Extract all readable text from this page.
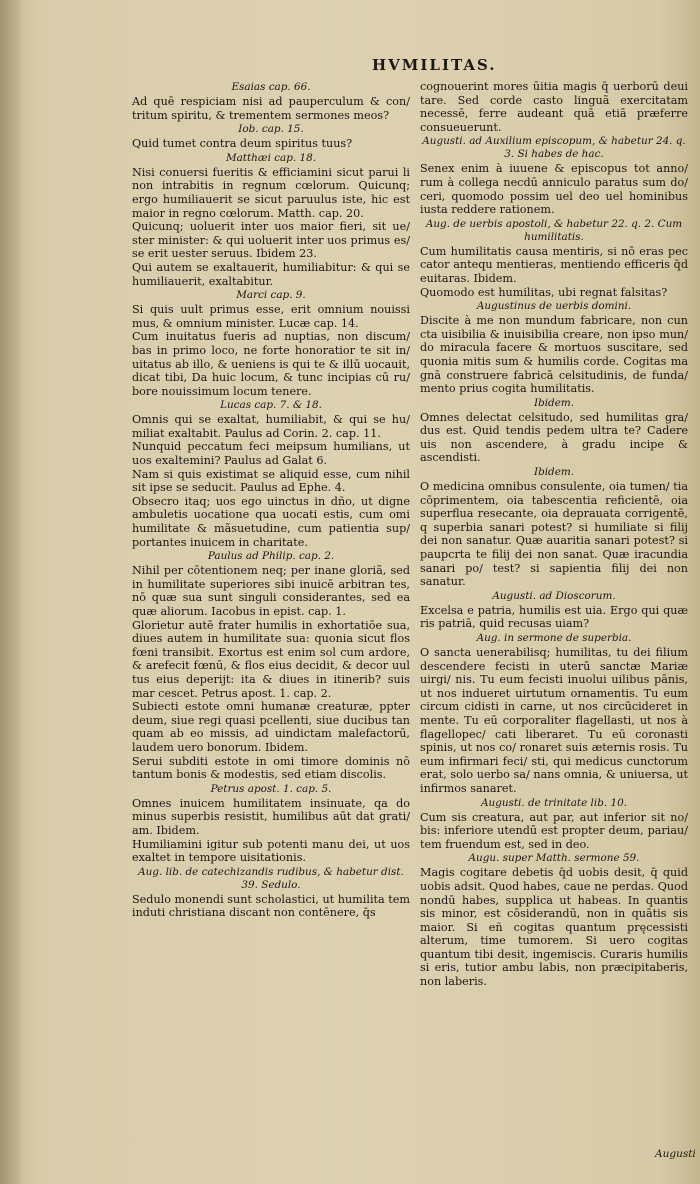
HVMILITAS.

Esaias cap. 66.

Ad quē respiciam nisi ad pauperculum & con/ tritum spiritu, & trementem sermones meos?

Iob. cap. 15.

Quid tumet contra deum spiritus tuus?

Matthæi cap. 18.

Nisi conuersi fueritis & efficiamini sicut parui li non intrabitis in regnum cœlorum. Quicunq; ergo humiliauerit se sicut paruulus iste, hic est maior in regno cœlorum. Matth. cap. 20.

Quicunq; uoluerit inter uos maior fieri, sit ue/ ster minister: & qui uoluerit inter uos primus es/ se erit uester seruus. Ibidem 23.

Qui autem se exaltauerit, humiliabitur: & qui se humiliauerit, exaltabitur.

Marci cap. 9.

Si quis uult primus esse, erit omnium nouissi mus, & omnium minister. Lucæ cap. 14.

Cum inuitatus fueris ad nuptias, non discum/ bas in primo loco, ne forte honoratior te sit in/ uitatus ab illo, & ueniens is qui te & illū uocauit, dicat tibi, Da huic locum, & tunc incipias cū ru/ bore nouissimum locum tenere.

Lucas cap. 7. & 18.

Omnis qui se exaltat, humiliabit, & qui se hu/ miliat exaltabit. Paulus ad Corin. 2. cap. 11.

Nunquid peccatum feci meipsum humilians, ut uos exaltemini? Paulus ad Galat 6.

Nam si quis existimat se aliquid esse, cum nihil sit ipse se seducit. Paulus ad Ephe. 4.

Obsecro itaq; uos ego uinctus in dño, ut digne ambuletis uocatione qua uocati estis, cum omi humilitate & mãsuetudine, cum patientia sup/ portantes inuicem in charitate.

Paulus ad Philip. cap. 2.

Nihil per cōtentionem neq; per inane gloriã, sed in humilitate superiores sibi inuicē arbitran tes, nō quæ sua sunt singuli considerantes, sed ea quæ aliorum. Iacobus in epist. cap. 1.

Glorietur autē frater humilis in exhortatiōe sua, diues autem in humilitate sua: quonia sicut flos fœni transibit. Exortus est enim sol cum ardore, & arefecit fœnū, & flos eius decidit, & decor uul tus eius deperijt: ita & diues in itinerib? suis mar cescet. Petrus apost. 1. cap. 2.

Subiecti estote omni humanæ creaturæ, ppter deum, siue regi quasi pcellenti, siue ducibus tan quam ab eo missis, ad uindictam malefactorū, laudem uero bonorum. Ibidem.

Serui subditi estote in omi timore dominis nō tantum bonis & modestis, sed etiam discolis.

Petrus apost. 1. cap. 5.

Omnes inuicem humilitatem insinuate, qa do minus superbis resistit, humilibus aūt dat grati/ am. Ibidem.

Humiliamini igitur sub potenti manu dei, ut uos exaltet in tempore uisitationis.

Aug. lib. de catechizandis rudibus, & habetur dist. 39. Sedulo.

Sedulo monendi sunt scholastici, ut humilita tem induti christiana discant non contēnere, q̄s

cognouerint mores ūitia magis q̄ uerborū deui tare. Sed corde casto linguã exercitatam necessē, ferre audeant quā etiā præferre consueuerunt.

Augusti. ad Auxilium episcopum, & habetur 24. q. 3. Si habes de hac.

Senex enim à iuuene & episcopus tot anno/ rum à collega necdū anniculo paratus sum do/ ceri, quomodo possim uel deo uel hominibus iusta reddere rationem.

Aug. de uerbis apostoli, & habetur 22. q. 2. Cum humilitatis.

Cum humilitatis causa mentiris, si nō eras pec cator antequ mentieras, mentiendo efficeris q̄d euitaras. Ibidem.

Quomodo est humilitas, ubi regnat falsitas?

Augustinus de uerbis domini.

Discite à me non mundum fabricare, non cun cta uisibilia & inuisibilia creare, non ipso mun/ do miracula facere & mortuos suscitare, sed quonia mitis sum & humilis corde. Cogitas ma gnā construere fabricā celsitudinis, de funda/ mento prius cogita humilitatis.

Ibidem.

Omnes delectat celsitudo, sed humilitas gra/ dus est. Quid tendis pedem ultra te? Cadere uis non ascendere, à gradu incipe & ascendisti.

Ibidem.

O medicina omnibus consulente, oia tumen/ tia cōprimentem, oia tabescentia reficientē, oia superflua resecante, oia deprauata corrigentē, q superbia sanari potest? si humiliate si filij dei non sanatur. Quæ auaritia sanari potest? si paupcrta te filij dei non sanat. Quæ iracundia sanari po/ test? si sapientia filij dei non sanatur.

Augusti. ad Dioscorum.

Excelsa e patria, humilis est uia. Ergo qui quæ ris patriā, quid recusas uiam?

Aug. in sermone de superbia.

O sancta uenerabilisq; humilitas, tu dei filium descendere fecisti in uterū sanctæ Mariæ uirgi/ nis. Tu eum fecisti inuolui uilibus pānis, ut nos indueret uirtutum ornamentis. Tu eum circum cidisti in carne, ut nos circūcideret in mente. Tu eū corporaliter flagellasti, ut nos à flagellopec/ cati liberaret. Tu eū coronasti spinis, ut nos co/ ronaret suis æternis rosis. Tu eum infirmari feci/ sti, qui medicus cunctorum erat, solo uerbo sa/ nans omnia, & uniuersa, ut infirmos sanaret.

Augusti. de trinitate lib. 10.

Cum sis creatura, aut par, aut inferior sit no/ bis: inferiore utendū est propter deum, pariau/ tem fruendum est, sed in deo.

Augu. super Matth. sermone 59.

Magis cogitare debetis q̄d uobis desit, q̄ quid uobis adsit. Quod habes, caue ne perdas. Quod nondū habes, supplica ut habeas. In quantis sis minor, est cōsiderandū, non in quātis sis maior. Si eñ cogitas quantum pręcessisti alterum, time tumorem. Si uero cogitas quantum tibi desit, ingemiscis. Curaris humilis si eris, tutior ambu labis, non præcipitaberis, non laberis.

Augusti
